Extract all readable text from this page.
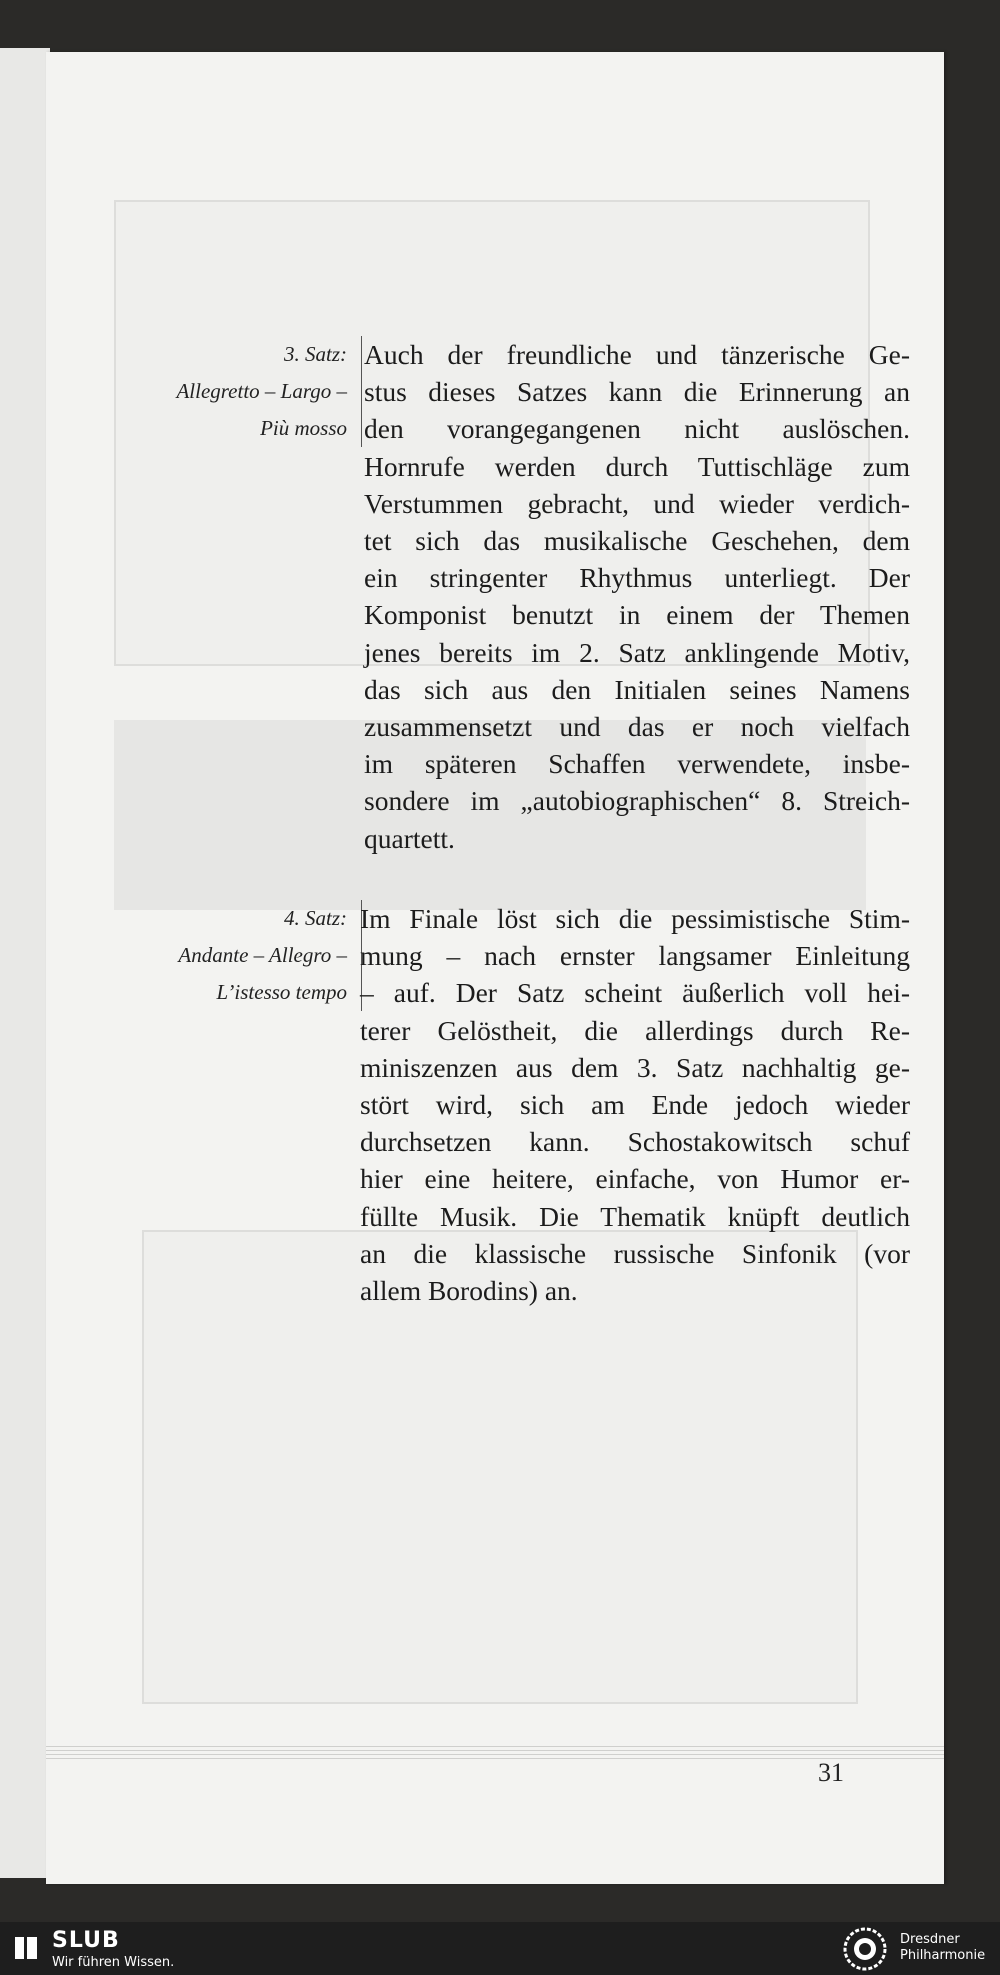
3. Satz:
Allegretto – Largo –
Più mosso
Auch der freundliche und tänzerische Ge-
stus dieses Satzes kann die Erinnerung an
den vorangegangenen nicht auslöschen.
Hornrufe werden durch Tuttischläge zum
Verstummen gebracht, und wieder verdich-
tet sich das musikalische Geschehen, dem
ein stringenter Rhythmus unterliegt. Der
Komponist benutzt in einem der Themen
jenes bereits im 2. Satz anklingende Motiv,
das sich aus den Initialen seines Namens
zusammensetzt und das er noch vielfach
im späteren Schaffen verwendete, insbe-
sondere im „autobiographischen“ 8. Streich-
quartett.
4. Satz:
Andante – Allegro –
L’istesso tempo
Im Finale löst sich die pessimistische Stim-
mung – nach ernster langsamer Einleitung
– auf. Der Satz scheint äußerlich voll hei-
terer Gelöstheit, die allerdings durch Re-
miniszenzen aus dem 3. Satz nachhaltig ge-
stört wird, sich am Ende jedoch wieder
durchsetzen kann. Schostakowitsch schuf
hier eine heitere, einfache, von Humor er-
füllte Musik. Die Thematik knüpft deutlich
an die klassische russische Sinfonik (vor
allem Borodins) an.
31
SLUB
Wir führen Wissen.
Dresdner
Philharmonie
